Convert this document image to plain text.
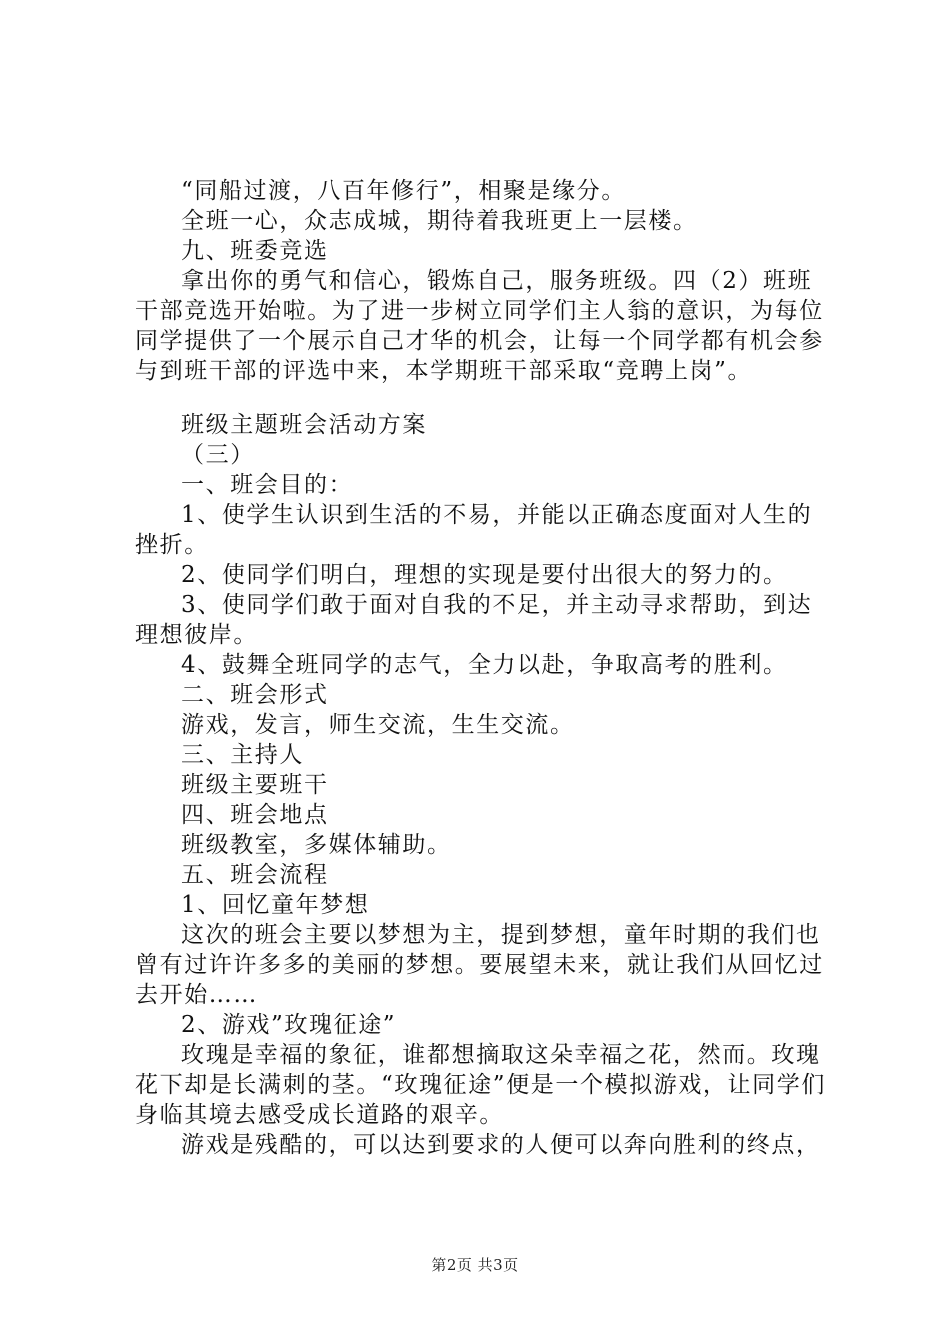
“同船过渡，八百年修行”，相聚是缘分。

全班一心，众志成城，期待着我班更上一层楼。

九、班委竞选

拿出你的勇气和信心，锻炼自己，服务班级。四（2）班班干部竞选开始啦。为了进一步树立同学们主人翁的意识，为每位同学提供了一个展示自己才华的机会，让每一个同学都有机会参与到班干部的评选中来，本学期班干部采取“竞聘上岗”。

班级主题班会活动方案

（三）

一、班会目的：

1、使学生认识到生活的不易，并能以正确态度面对人生的挫折。

2、使同学们明白，理想的实现是要付出很大的努力的。

3、使同学们敢于面对自我的不足，并主动寻求帮助，到达理想彼岸。

4、鼓舞全班同学的志气，全力以赴，争取高考的胜利。

二、班会形式

游戏，发言，师生交流，生生交流。

三、主持人

班级主要班干

四、班会地点

班级教室，多媒体辅助。

五、班会流程

1、回忆童年梦想

这次的班会主要以梦想为主，提到梦想，童年时期的我们也曾有过许许多多的美丽的梦想。要展望未来，就让我们从回忆过去开始……

2、游戏”玫瑰征途”

玫瑰是幸福的象征，谁都想摘取这朵幸福之花，然而。玫瑰花下却是长满刺的茎。“玫瑰征途”便是一个模拟游戏，让同学们身临其境去感受成长道路的艰辛。

游戏是残酷的，可以达到要求的人便可以奔向胜利的终点，

第2页 共3页
